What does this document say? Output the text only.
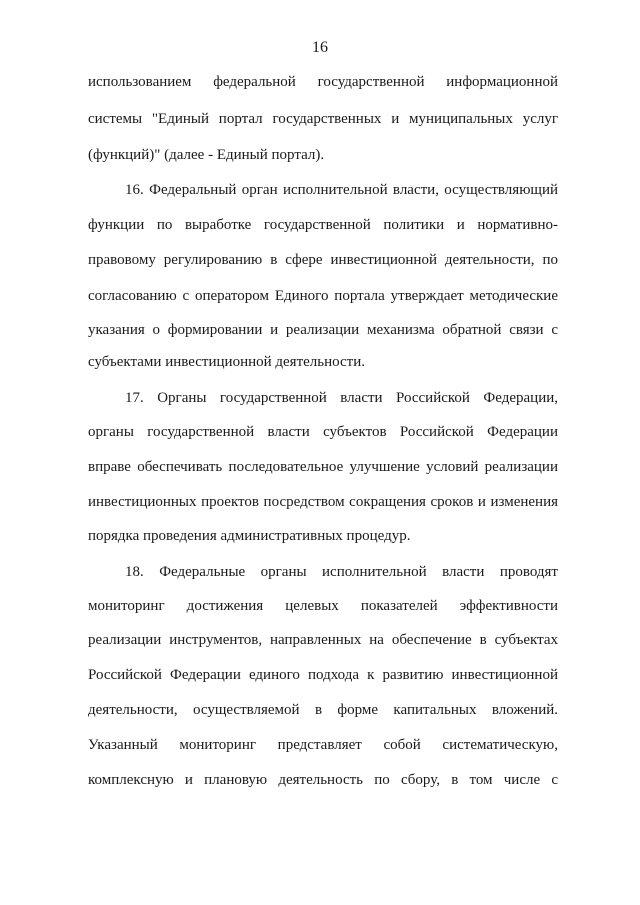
16
использованием федеральной государственной информационной
системы "Единый портал государственных и муниципальных услуг
(функций)" (далее - Единый портал).
16. Федеральный орган исполнительной власти, осуществляющий
функции по выработке государственной политики и нормативно-
правовому регулированию в сфере инвестиционной деятельности, по
согласованию с оператором Единого портала утверждает методические
указания о формировании и реализации механизма обратной связи с
субъектами инвестиционной деятельности.
17. Органы государственной власти Российской Федерации,
органы государственной власти субъектов Российской Федерации
вправе обеспечивать последовательное улучшение условий реализации
инвестиционных проектов посредством сокращения сроков и изменения
порядка проведения административных процедур.
18. Федеральные органы исполнительной власти проводят
мониторинг достижения целевых показателей эффективности
реализации инструментов, направленных на обеспечение в субъектах
Российской Федерации единого подхода к развитию инвестиционной
деятельности, осуществляемой в форме капитальных вложений.
Указанный мониторинг представляет собой систематическую,
комплексную и плановую деятельность по сбору, в том числе с
